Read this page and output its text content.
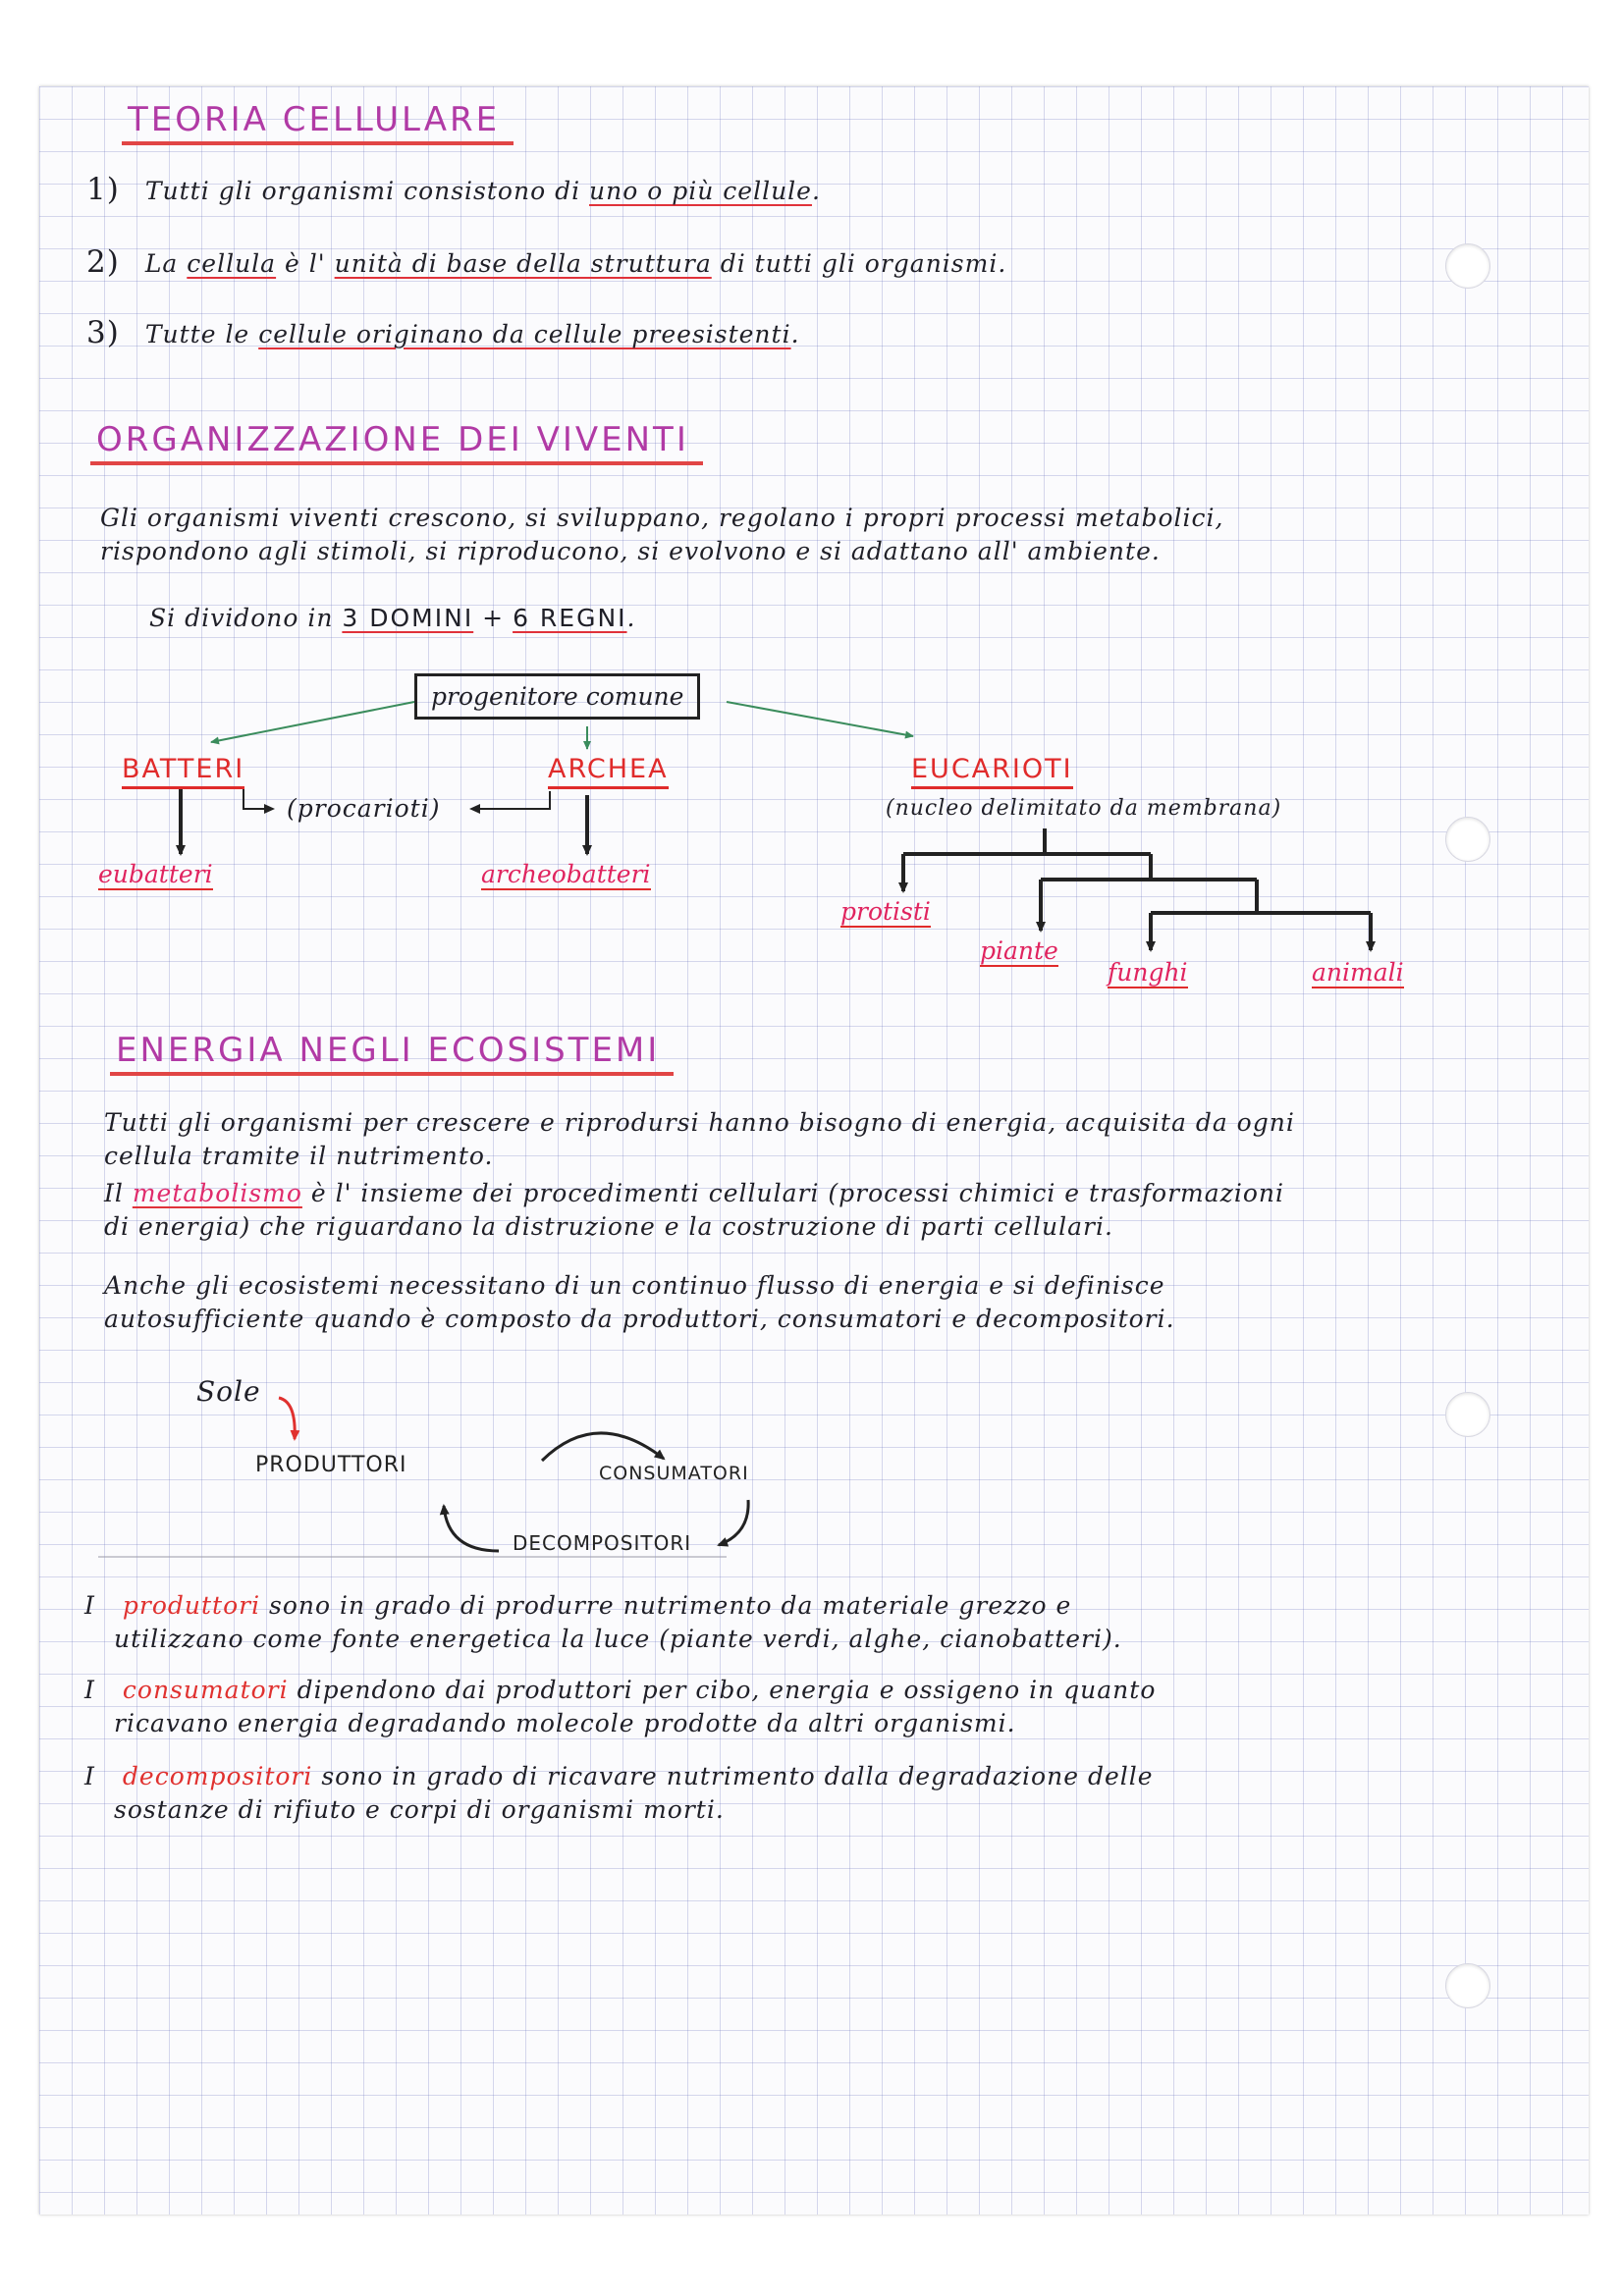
TEORIA CELLULARE
1) Tutti gli organismi consistono di uno o più cellule.
2) La cellula è l' unità di base della struttura di tutti gli organismi.
3) Tutte le cellule originano da cellule preesistenti.
ORGANIZZAZIONE DEI VIVENTI
Gli organismi viventi crescono, si sviluppano, regolano i propri processi metabolici,
rispondono agli stimoli, si riproducono, si evolvono e si adattano all' ambiente.
Si dividono in 3 DOMINI + 6 REGNI.
progenitore comune
BATTERI	ARCHEA	EUCARIOTI
(procarioti)	(nucleo delimitato da membrana)
eubatteri	archeobatteri
protisti
piante
funghi	animali
ENERGIA NEGLI ECOSISTEMI
Tutti gli organismi per crescere e riprodursi hanno bisogno di energia, acquisita da ogni
cellula tramite il nutrimento.
Il metabolismo è l' insieme dei procedimenti cellulari (processi chimici e trasformazioni
di energia) che riguardano la distruzione e la costruzione di parti cellulari.
Anche gli ecosistemi necessitano di un continuo flusso di energia e si definisce
autosufficiente quando è composto da produttori, consumatori e decompositori.
Sole
PRODUTTORI	CONSUMATORI
DECOMPOSITORI
I produttori sono in grado di produrre nutrimento da materiale grezzo e
utilizzano come fonte energetica la luce (piante verdi, alghe, cianobatteri).
I consumatori dipendono dai produttori per cibo, energia e ossigeno in quanto
ricavano energia degradando molecole prodotte da altri organismi.
I decompositori sono in grado di ricavare nutrimento dalla degradazione delle
sostanze di rifiuto e corpi di organismi morti.
